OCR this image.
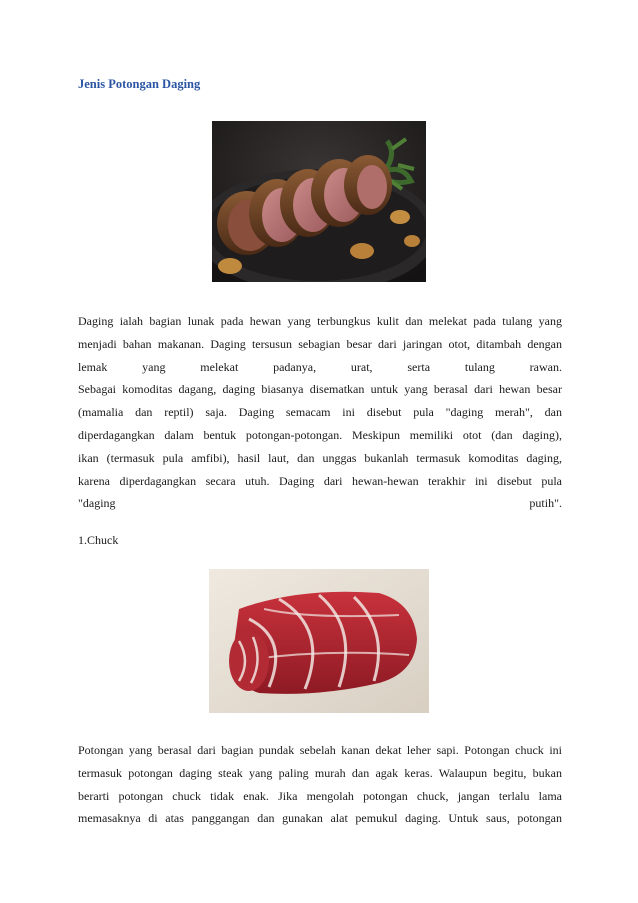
Jenis Potongan Daging
Daging ialah bagian lunak pada hewan yang terbungkus kulit dan melekat pada tulang yang
menjadi bahan makanan. Daging tersusun sebagian besar dari jaringan otot, ditambah dengan
lemak yang melekat padanya, urat, serta tulang rawan.
Sebagai komoditas dagang, daging biasanya disematkan untuk yang berasal dari hewan besar
(mamalia dan reptil) saja. Daging semacam ini disebut pula "daging merah", dan
diperdagangkan dalam bentuk potongan-potongan. Meskipun memiliki otot (dan daging),
ikan (termasuk pula amfibi), hasil laut, dan unggas bukanlah termasuk komoditas daging,
karena diperdagangkan secara utuh. Daging dari hewan-hewan terakhir ini disebut pula
"daging putih".
1.Chuck
Potongan yang berasal dari bagian pundak sebelah kanan dekat leher sapi. Potongan chuck ini
termasuk potongan daging steak yang paling murah dan agak keras. Walaupun begitu, bukan
berarti potongan chuck tidak enak. Jika mengolah potongan chuck, jangan terlalu lama
memasaknya di atas panggangan dan gunakan alat pemukul daging. Untuk saus, potongan
